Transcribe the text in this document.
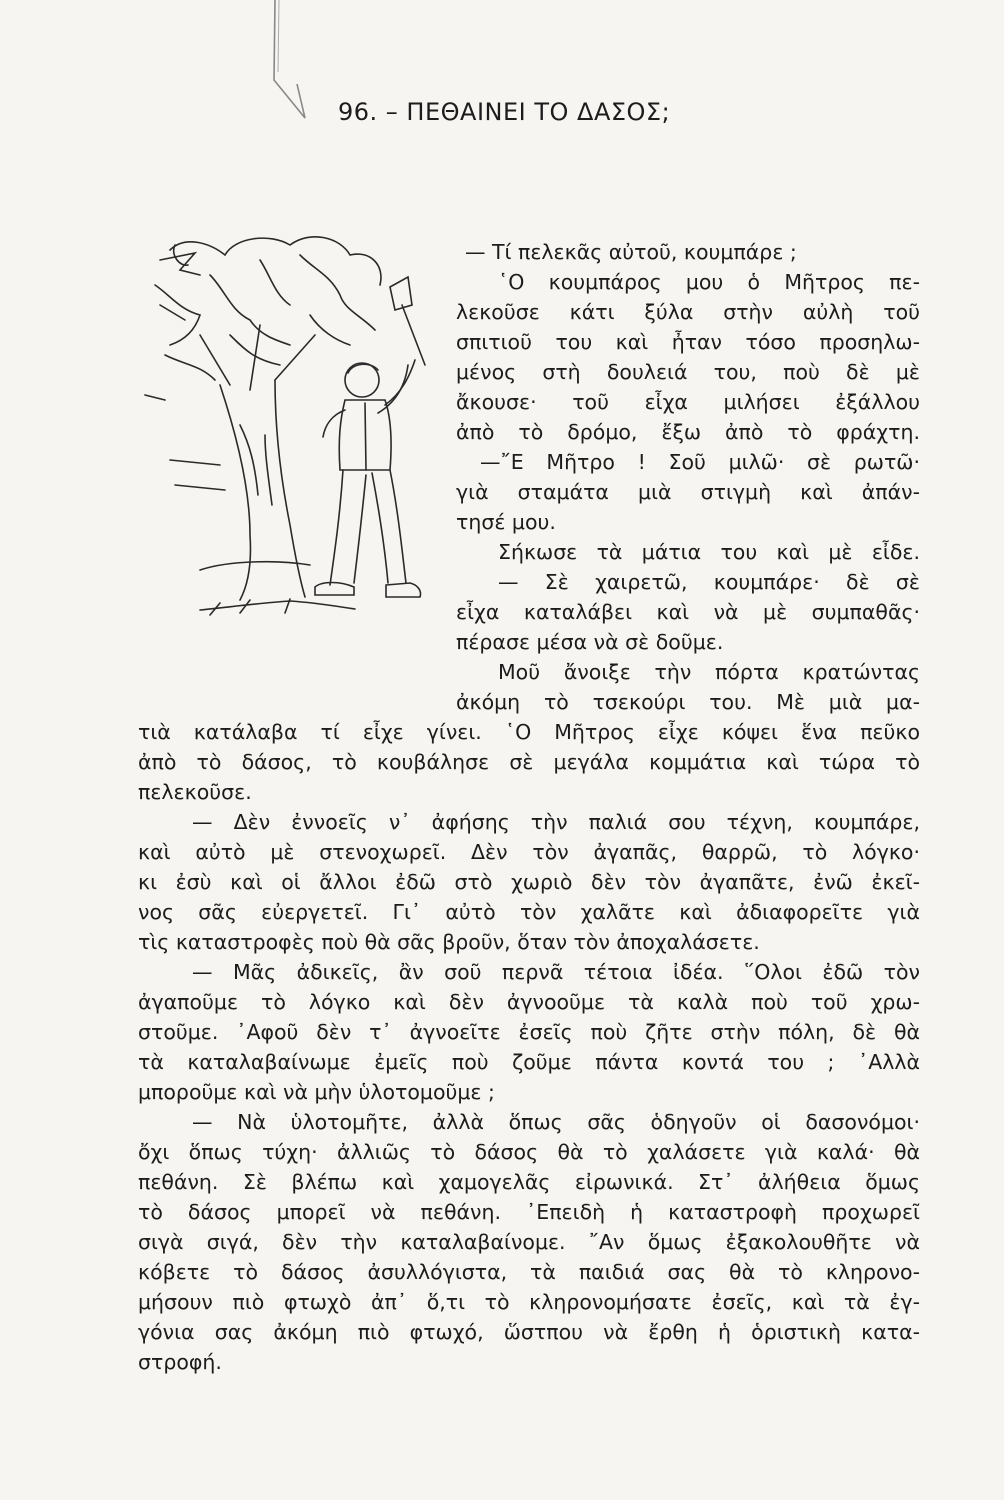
96. – ΠΕΘΑΙΝΕΙ ΤΟ ΔΑΣΟΣ;
— Τί πελεκᾶς αὐτοῦ, κουμπάρε ;
῾Ο κουμπάρος μου ὁ Μῆτρος πε-
λεκοῦσε κάτι ξύλα στὴν αὐλὴ τοῦ
σπιτιοῦ του καὶ ἦταν τόσο προσηλω-
μένος στὴ δουλειά του, ποὺ δὲ μὲ
ἄκουσε· τοῦ εἶχα μιλήσει ἐξάλλου
ἀπὸ τὸ δρόμο, ἔξω ἀπὸ τὸ φράχτη.
—῎Ε Μῆτρο ! Σοῦ μιλῶ· σὲ ρωτῶ·
γιὰ σταμάτα μιὰ στιγμὴ καὶ ἀπάν-
τησέ μου.
Σήκωσε τὰ μάτια του καὶ μὲ εἶδε.
— Σὲ χαιρετῶ, κουμπάρε· δὲ σὲ
εἶχα καταλάβει καὶ νὰ μὲ συμπαθᾶς·
πέρασε μέσα νὰ σὲ δοῦμε.
Μοῦ ἄνοιξε τὴν πόρτα κρατώντας
ἀκόμη τὸ τσεκούρι του. Μὲ μιὰ μα-
τιὰ κατάλαβα τί εἶχε γίνει. ῾Ο Μῆτρος εἶχε κόψει ἕνα πεῦκο
ἀπὸ τὸ δάσος, τὸ κουβάλησε σὲ μεγάλα κομμάτια καὶ τώρα τὸ
πελεκοῦσε.
— Δὲν ἐννοεῖς ν᾿ ἀφήσης τὴν παλιά σου τέχνη, κουμπάρε,
καὶ αὐτὸ μὲ στενοχωρεῖ. Δὲν τὸν ἀγαπᾶς, θαρρῶ, τὸ λόγκο·
κι ἐσὺ καὶ οἱ ἄλλοι ἐδῶ στὸ χωριὸ δὲν τὸν ἀγαπᾶτε, ἐνῶ ἐκεῖ-
νος σᾶς εὐεργετεῖ. Γι᾿ αὐτὸ τὸν χαλᾶτε καὶ ἀδιαφορεῖτε γιὰ
τὶς καταστροφὲς ποὺ θὰ σᾶς βροῦν, ὅταν τὸν ἀποχαλάσετε.
— Μᾶς ἀδικεῖς, ἂν σοῦ περνᾶ τέτοια ἰδέα. ῞Ολοι ἐδῶ τὸν
ἀγαποῦμε τὸ λόγκο καὶ δὲν ἀγνοοῦμε τὰ καλὰ ποὺ τοῦ χρω-
στοῦμε. ᾿Αφοῦ δὲν τ᾿ ἀγνοεῖτε ἐσεῖς ποὺ ζῆτε στὴν πόλη, δὲ θὰ
τὰ καταλαβαίνωμε ἐμεῖς ποὺ ζοῦμε πάντα κοντά του ; ᾿Αλλὰ
μποροῦμε καὶ νὰ μὴν ὑλοτομοῦμε ;
— Νὰ ὑλοτομῆτε, ἀλλὰ ὅπως σᾶς ὁδηγοῦν οἱ δασονόμοι·
ὄχι ὅπως τύχη· ἀλλιῶς τὸ δάσος θὰ τὸ χαλάσετε γιὰ καλά· θὰ
πεθάνη. Σὲ βλέπω καὶ χαμογελᾶς εἰρωνικά. Στ᾿ ἀλήθεια ὅμως
τὸ δάσος μπορεῖ νὰ πεθάνη. ᾿Επειδὴ ἡ καταστροφὴ προχωρεῖ
σιγὰ σιγά, δὲν τὴν καταλαβαίνομε. ῎Αν ὅμως ἐξακολουθῆτε νὰ
κόβετε τὸ δάσος ἀσυλλόγιστα, τὰ παιδιά σας θὰ τὸ κληρονο-
μήσουν πιὸ φτωχὸ ἀπ᾿ ὅ,τι τὸ κληρονομήσατε ἐσεῖς, καὶ τὰ ἐγ-
γόνια σας ἀκόμη πιὸ φτωχό, ὥστπου νὰ ἔρθη ἡ ὁριστικὴ κατα-
στροφή.
